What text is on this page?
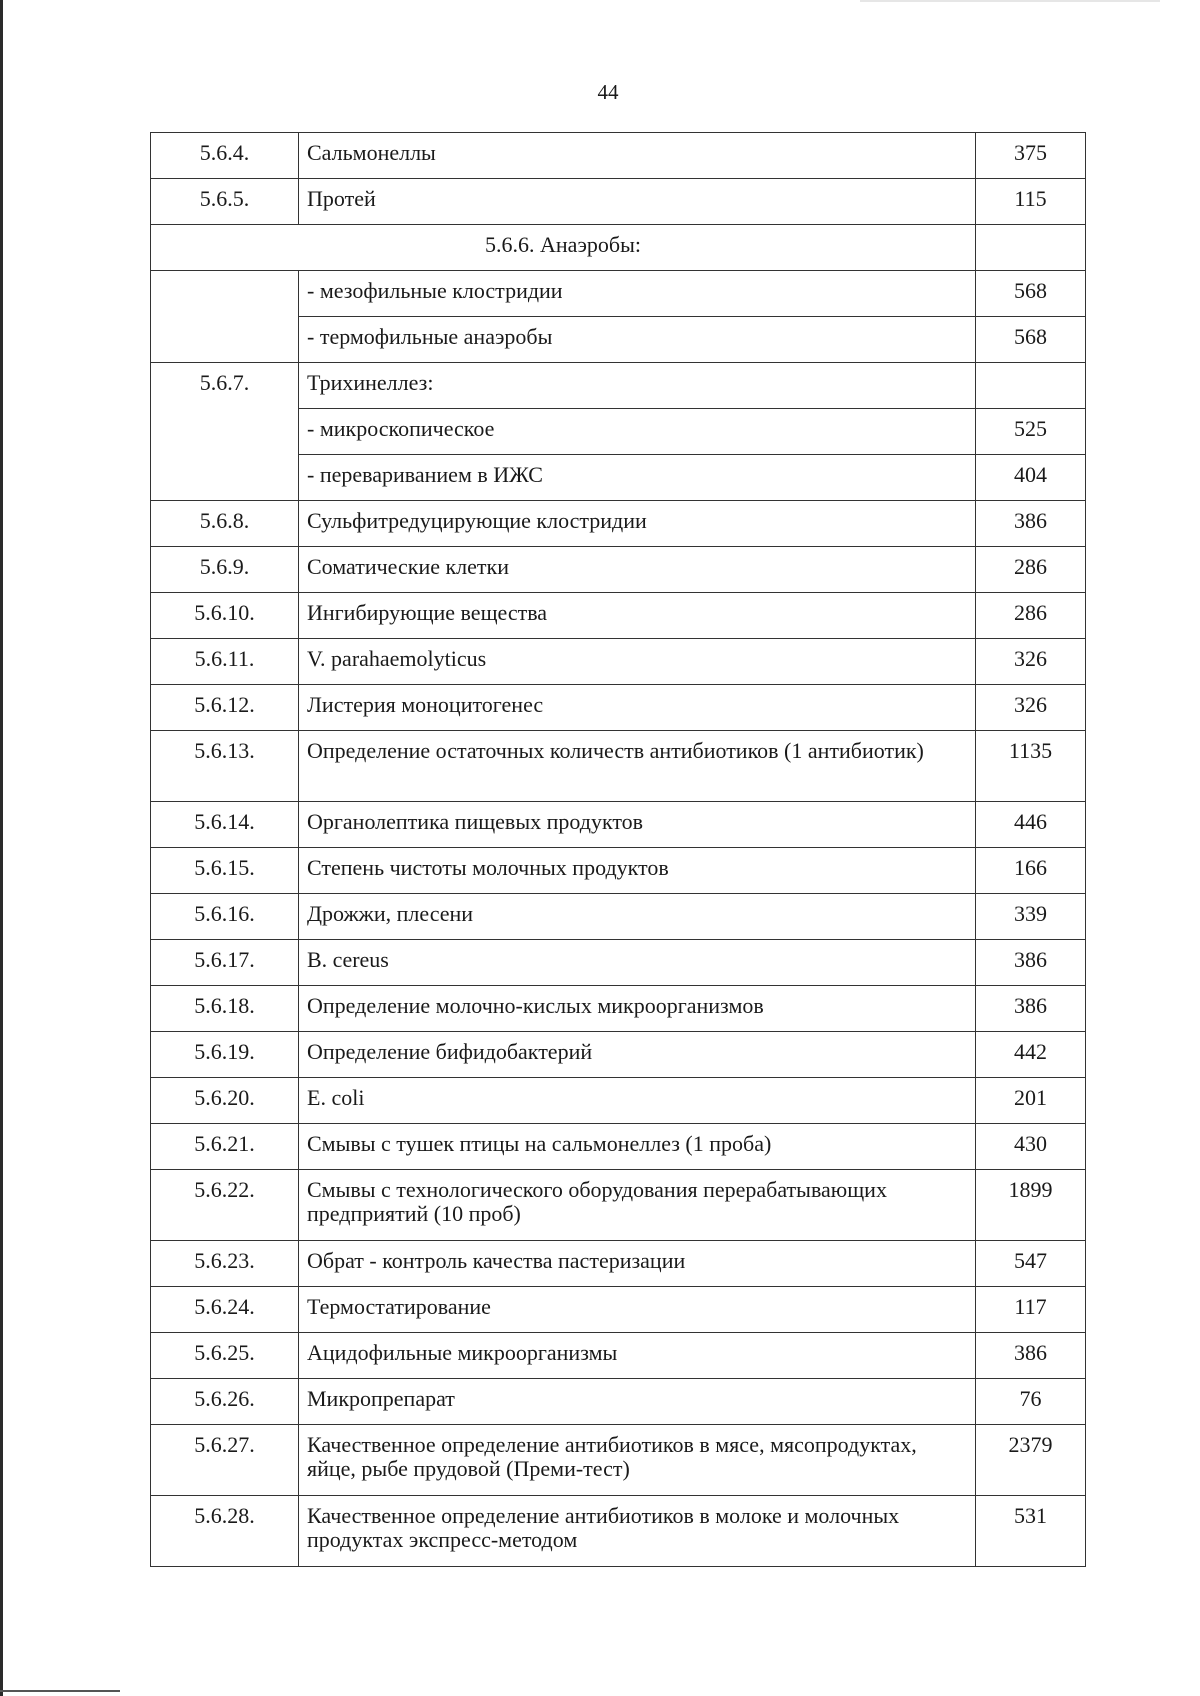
44
5.6.4.	Сальмонеллы	375
5.6.5.	Протей	115
5.6.6. Анаэробы:		
	- мезофильные клостридии	568
	- термофильные анаэробы	568
5.6.7.	Трихинеллез:	
	- микроскопическое	525
	- перевариванием в ИЖС	404
5.6.8.	Сульфитредуцирующие клостридии	386
5.6.9.	Соматические клетки	286
5.6.10.	Ингибирующие вещества	286
5.6.11.	V. parahaemolyticus	326
5.6.12.	Листерия моноцитогенес	326
5.6.13.	Определение остаточных количеств антибиотиков (1 антибиотик)	1135
5.6.14.	Органолептика пищевых продуктов	446
5.6.15.	Степень чистоты молочных продуктов	166
5.6.16.	Дрожжи, плесени	339
5.6.17.	B. cereus	386
5.6.18.	Определение молочно-кислых микроорганизмов	386
5.6.19.	Определение бифидобактерий	442
5.6.20.	E. coli	201
5.6.21.	Смывы с тушек птицы на сальмонеллез (1 проба)	430
5.6.22.	Смывы с технологического оборудования перерабатывающих предприятий (10 проб)	1899
5.6.23.	Обрат - контроль качества пастеризации	547
5.6.24.	Термостатирование	117
5.6.25.	Ацидофильные микроорганизмы	386
5.6.26.	Микропрепарат	76
5.6.27.	Качественное определение антибиотиков в мясе, мясопродуктах, яйце, рыбе прудовой (Преми-тест)	2379
5.6.28.	Качественное определение антибиотиков в молоке и молочных продуктах экспресс-методом	531
